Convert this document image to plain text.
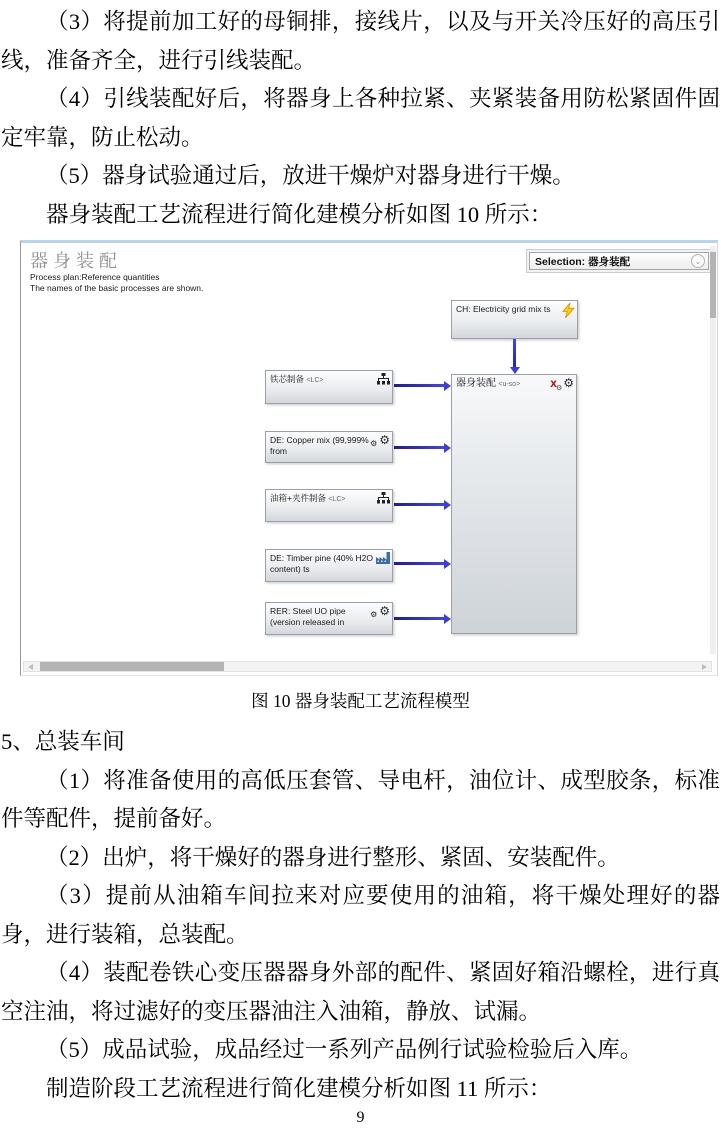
（3）将提前加工好的母铜排，接线片，以及与开关冷压好的高压引线，准备齐全，进行引线装配。

（4）引线装配好后，将器身上各种拉紧、夹紧装备用防松紧固件固定牢靠，防止松动。

（5）器身试验通过后，放进干燥炉对器身进行干燥。

器身装配工艺流程进行简化建模分析如图 10 所示：

器身装配
Process plan:Reference quantities
The names of the basic processes are shown.
Selection: 器身装配	⌄
CH: Electricity grid mix ts
器身装配 <u-so>	$x_⚙⚙$
铁芯制备 <LC>
DE: Copper mix (99,999% from
⚙ ⚙
油箱+夹件制备 <LC>
DE: Timber pine (40% H2O content) ts
RER: Steel UO pipe (version released in
⚙ ⚙
图 10 器身装配工艺流程模型

5、总装车间

（1）将准备使用的高低压套管、导电杆，油位计、成型胶条，标准件等配件，提前备好。

（2）出炉，将干燥好的器身进行整形、紧固、安装配件。

（3）提前从油箱车间拉来对应要使用的油箱，将干燥处理好的器身，进行装箱，总装配。

（4）装配卷铁心变压器器身外部的配件、紧固好箱沿螺栓，进行真空注油，将过滤好的变压器油注入油箱，静放、试漏。

（5）成品试验，成品经过一系列产品例行试验检验后入库。

制造阶段工艺流程进行简化建模分析如图 11 所示：

9
